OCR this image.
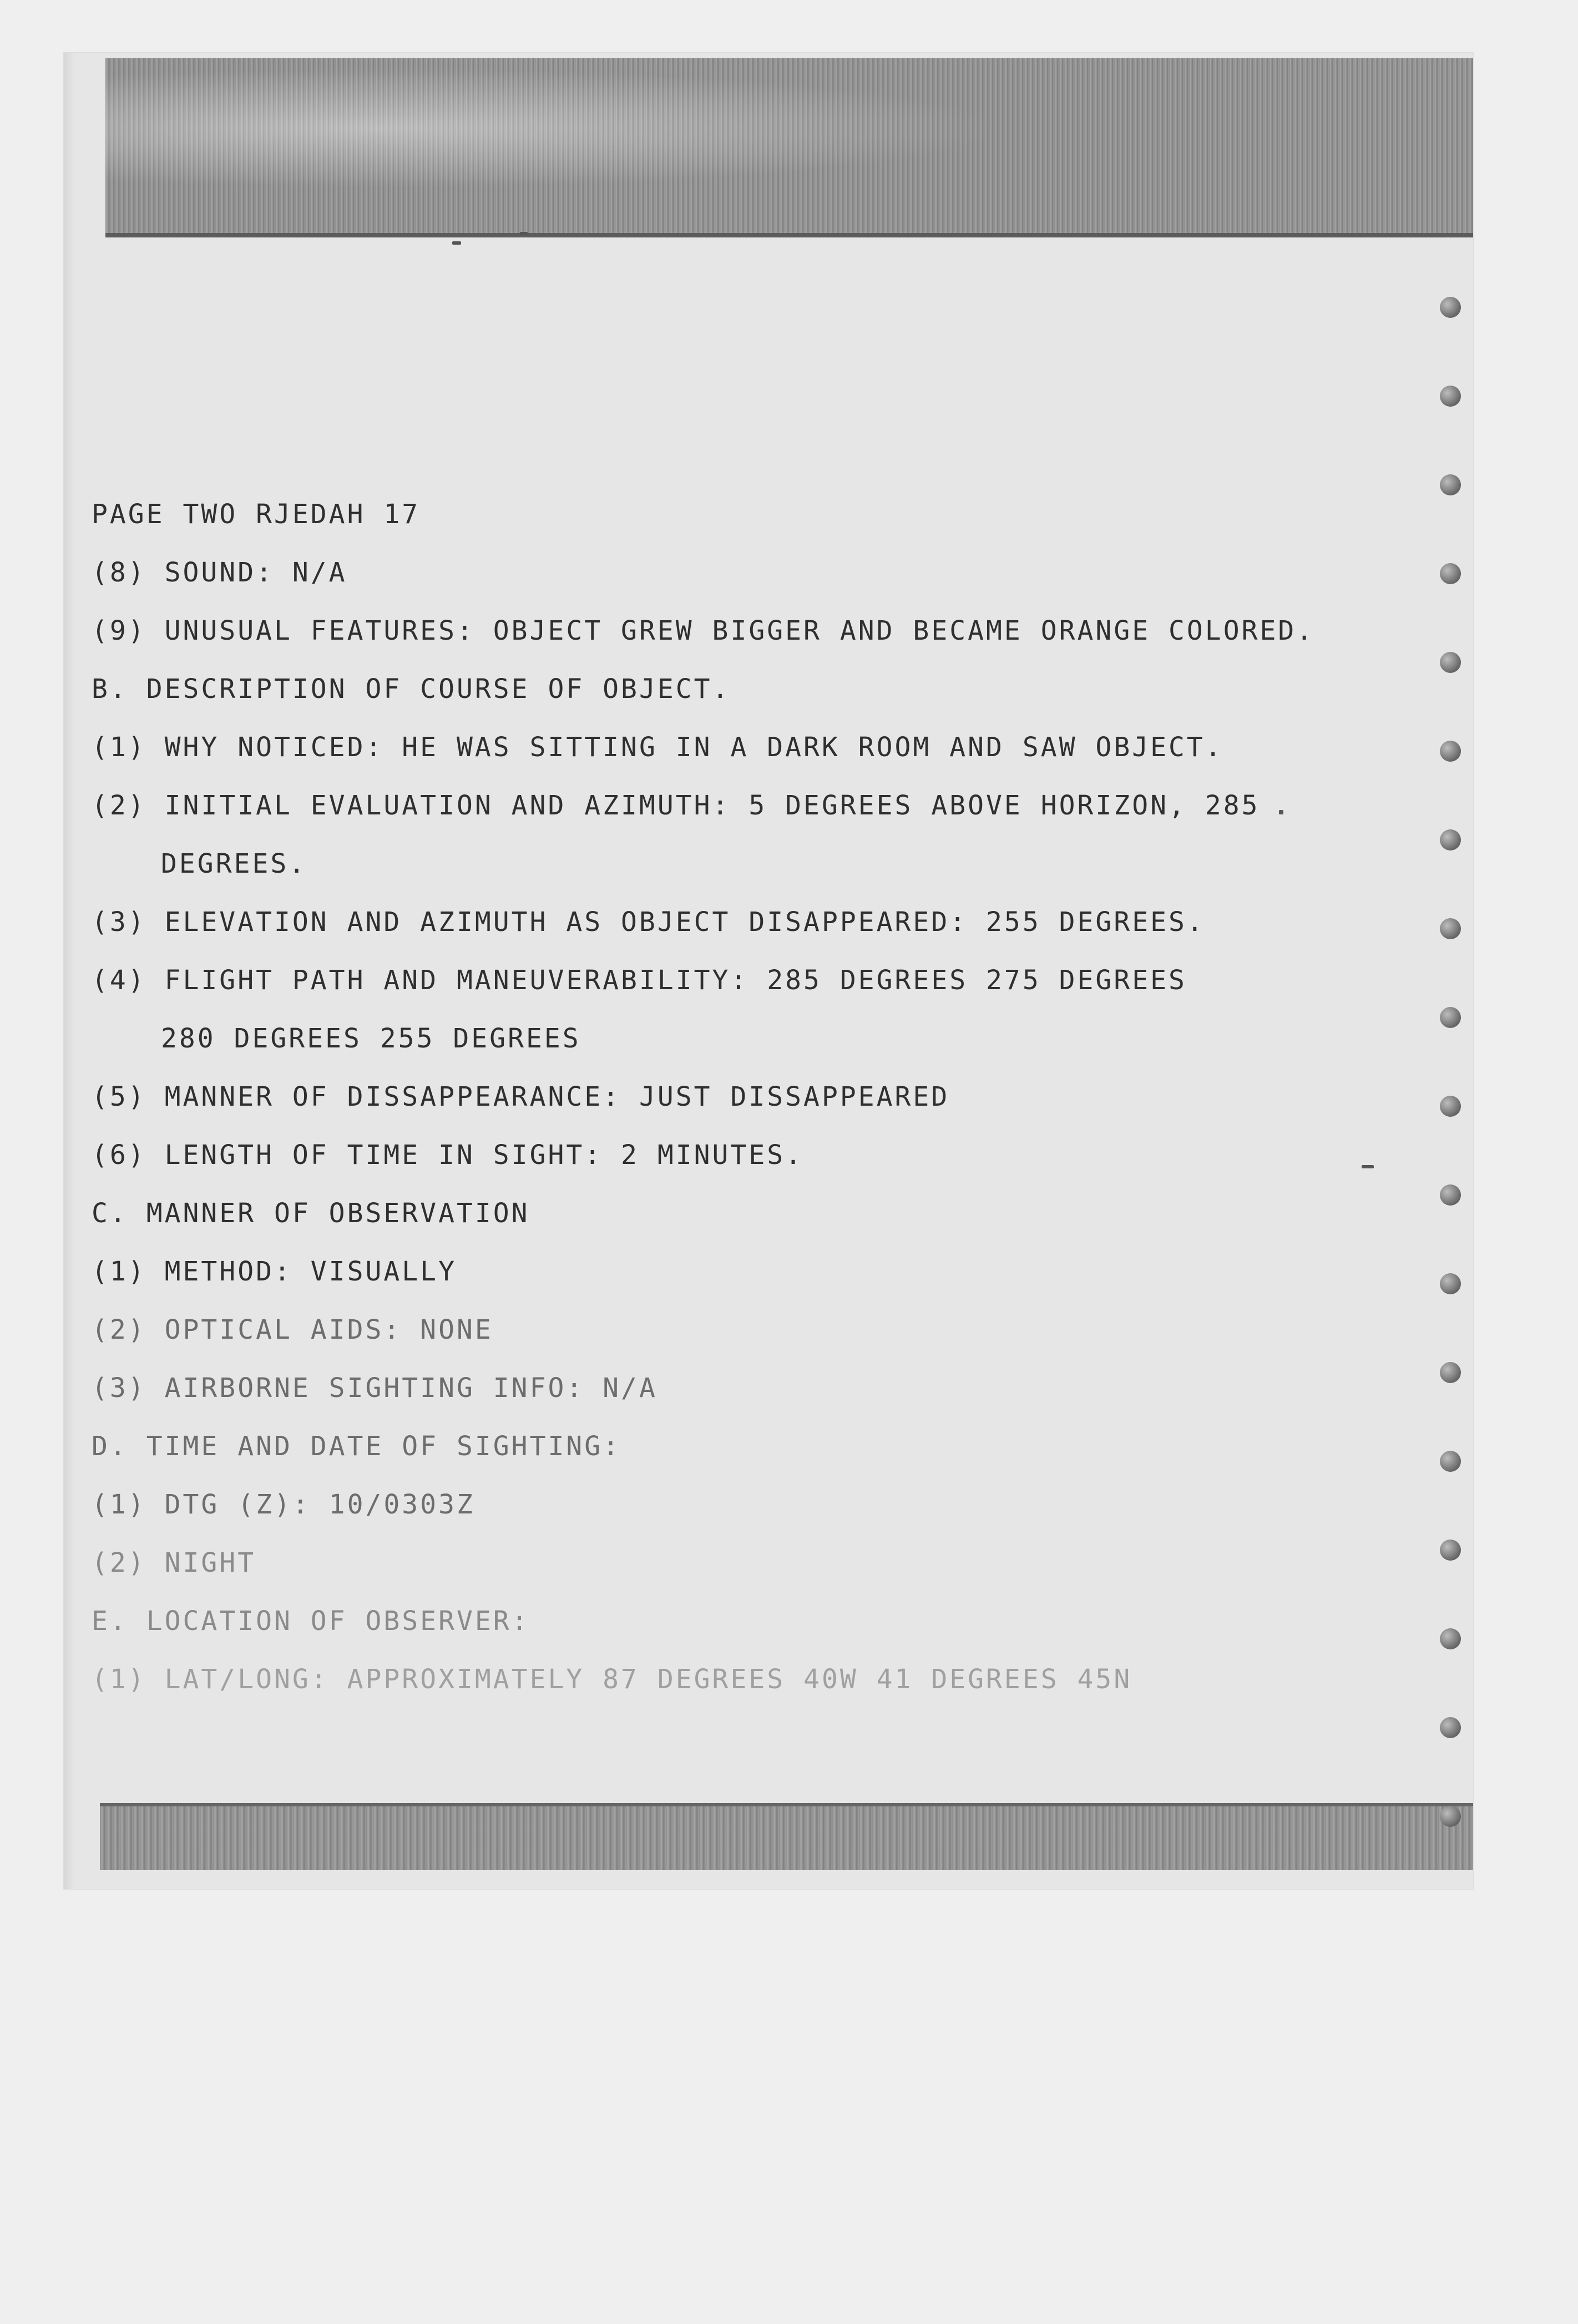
PAGE TWO RJEDAH 17
(8) SOUND: N/A
(9) UNUSUAL FEATURES: OBJECT GREW BIGGER AND BECAME ORANGE COLORED.
B. DESCRIPTION OF COURSE OF OBJECT.
(1) WHY NOTICED: HE WAS SITTING IN A DARK ROOM AND SAW OBJECT.
(2) INITIAL EVALUATION AND AZIMUTH: 5 DEGREES ABOVE HORIZON, 285
DEGREES.
(3) ELEVATION AND AZIMUTH AS OBJECT DISAPPEARED: 255 DEGREES.
(4) FLIGHT PATH AND MANEUVERABILITY: 285 DEGREES 275 DEGREES
280 DEGREES 255 DEGREES
(5) MANNER OF DISSAPPEARANCE: JUST DISSAPPEARED
(6) LENGTH OF TIME IN SIGHT: 2 MINUTES.
C. MANNER OF OBSERVATION
(1) METHOD: VISUALLY
(2) OPTICAL AIDS: NONE
(3) AIRBORNE SIGHTING INFO: N/A
D. TIME AND DATE OF SIGHTING:
(1) DTG (Z): 10/0303Z
(2) NIGHT
E. LOCATION OF OBSERVER:
(1) LAT/LONG: APPROXIMATELY 87 DEGREES 40W 41 DEGREES 45N
